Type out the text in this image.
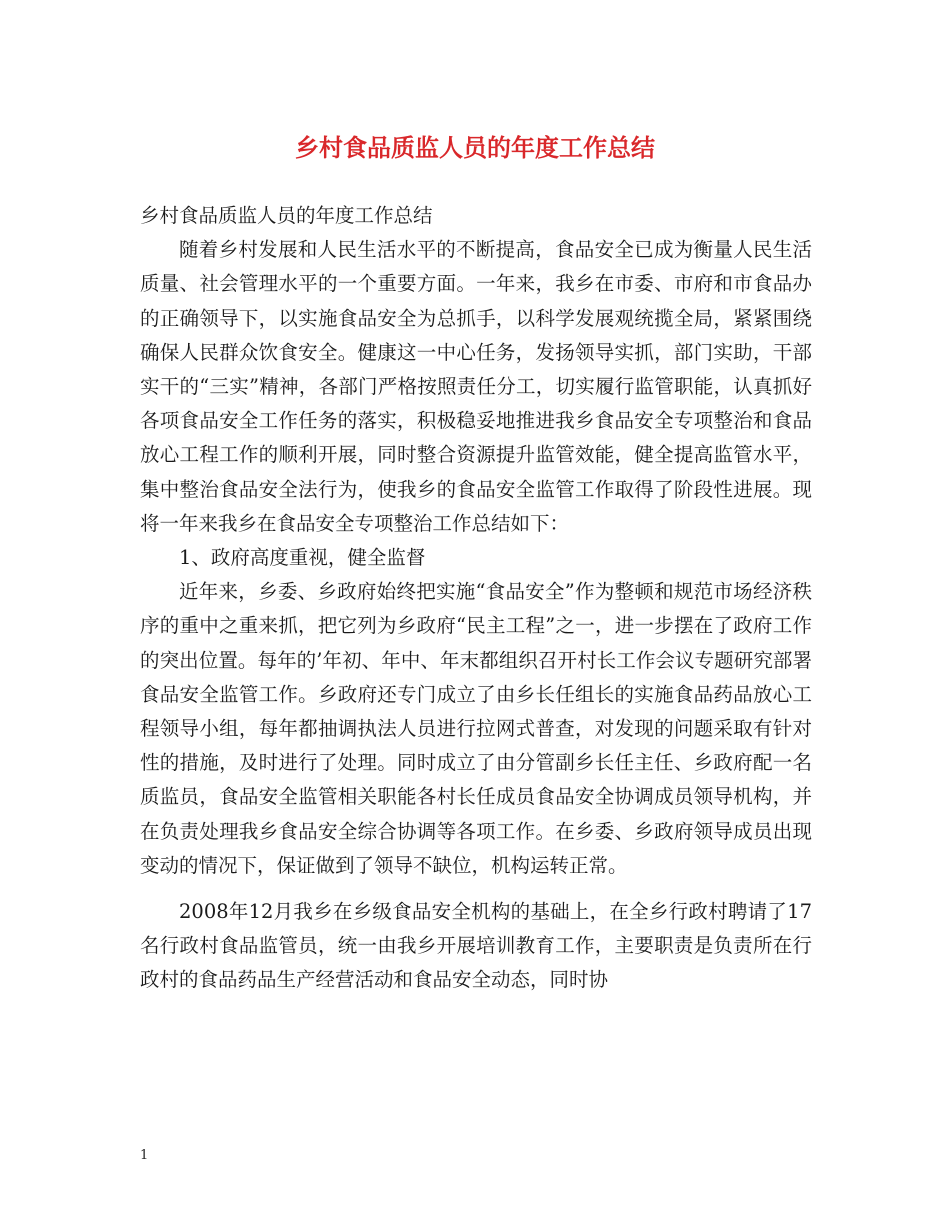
乡村食品质监人员的年度工作总结

乡村食品质监人员的年度工作总结

随着乡村发展和人民生活水平的不断提高，食品安全已成为衡量人民生活质量、社会管理水平的一个重要方面。一年来，我乡在市委、市府和市食品办的正确领导下，以实施食品安全为总抓手，以科学发展观统揽全局，紧紧围绕确保人民群众饮食安全。健康这一中心任务，发扬领导实抓，部门实助，干部实干的“三实”精神，各部门严格按照责任分工，切实履行监管职能，认真抓好各项食品安全工作任务的落实，积极稳妥地推进我乡食品安全专项整治和食品放心工程工作的顺利开展，同时整合资源提升监管效能，健全提高监管水平，集中整治食品安全法行为，使我乡的食品安全监管工作取得了阶段性进展。现将一年来我乡在食品安全专项整治工作总结如下：

1、政府高度重视，健全监督

近年来，乡委、乡政府始终把实施“食品安全”作为整顿和规范市场经济秩序的重中之重来抓，把它列为乡政府“民主工程”之一，进一步摆在了政府工作的突出位置。每年的’年初、年中、年末都组织召开村长工作会议专题研究部署食品安全监管工作。乡政府还专门成立了由乡长任组长的实施食品药品放心工程领导小组，每年都抽调执法人员进行拉网式普查，对发现的问题采取有针对性的措施，及时进行了处理。同时成立了由分管副乡长任主任、乡政府配一名质监员，食品安全监管相关职能各村长任成员食品安全协调成员领导机构，并在负责处理我乡食品安全综合协调等各项工作。在乡委、乡政府领导成员出现变动的情况下，保证做到了领导不缺位，机构运转正常。

2008年12月我乡在乡级食品安全机构的基础上，在全乡行政村聘请了17名行政村食品监管员，统一由我乡开展培训教育工作，主要职责是负责所在行政村的食品药品生产经营活动和食品安全动态，同时协

1
